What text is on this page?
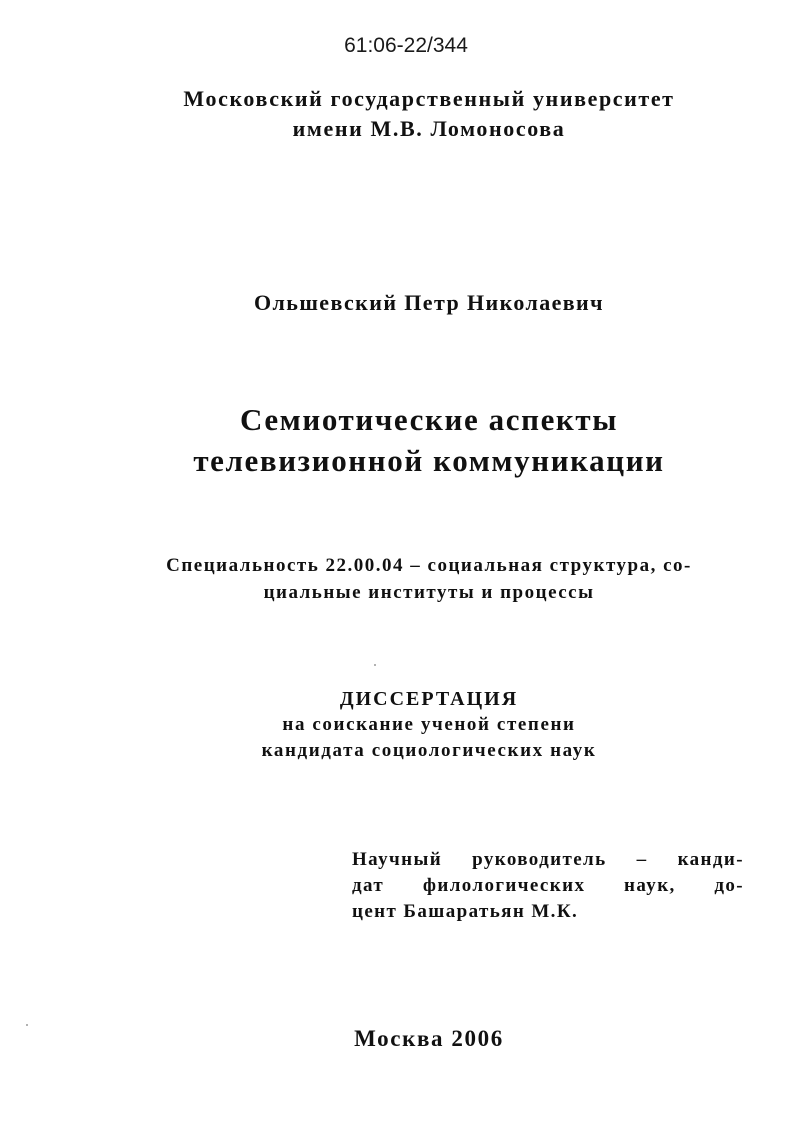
61:06-22/344
Московский государственный университет
имени М.В. Ломоносова
Ольшевский Петр Николаевич
Семиотические аспекты
телевизионной коммуникации
Специальность 22.00.04 – социальная структура, со-
циальные институты и процессы
ДИССЕРТАЦИЯ
на соискание ученой степени
кандидата социологических наук
Научный руководитель – канди-
дат филологических наук, до-
цент Башаратьян М.К.
Москва 2006
